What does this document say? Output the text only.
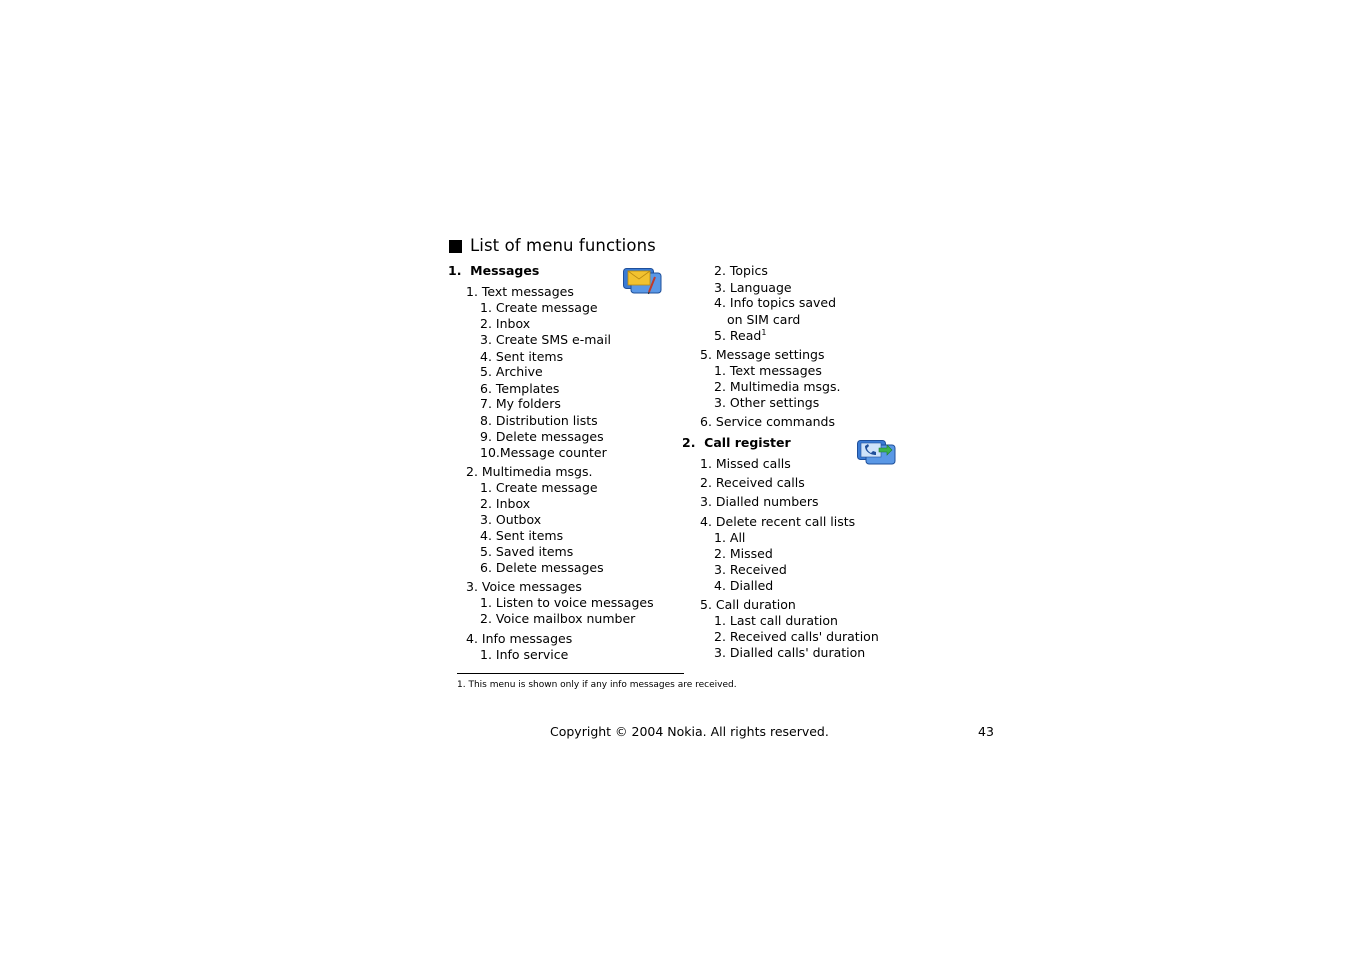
List of menu functions
1. Messages
1. Text messages
1. Create message
2. Inbox
3. Create SMS e-mail
4. Sent items
5. Archive
6. Templates
7. My folders
8. Distribution lists
9. Delete messages
10.Message counter
2. Multimedia msgs.
1. Create message
2. Inbox
3. Outbox
4. Sent items
5. Saved items
6. Delete messages
3. Voice messages
1. Listen to voice messages
2. Voice mailbox number
4. Info messages
1. Info service
2. Topics
3. Language
4. Info topics saved
on SIM card
5. Read$^1$
5. Message settings
1. Text messages
2. Multimedia msgs.
3. Other settings
6. Service commands
2. Call register
1. Missed calls
2. Received calls
3. Dialled numbers
4. Delete recent call lists
1. All
2. Missed
3. Received
4. Dialled
5. Call duration
1. Last call duration
2. Received calls' duration
3. Dialled calls' duration
1. This menu is shown only if any info messages are received.
Copyright © 2004 Nokia. All rights reserved.	43
